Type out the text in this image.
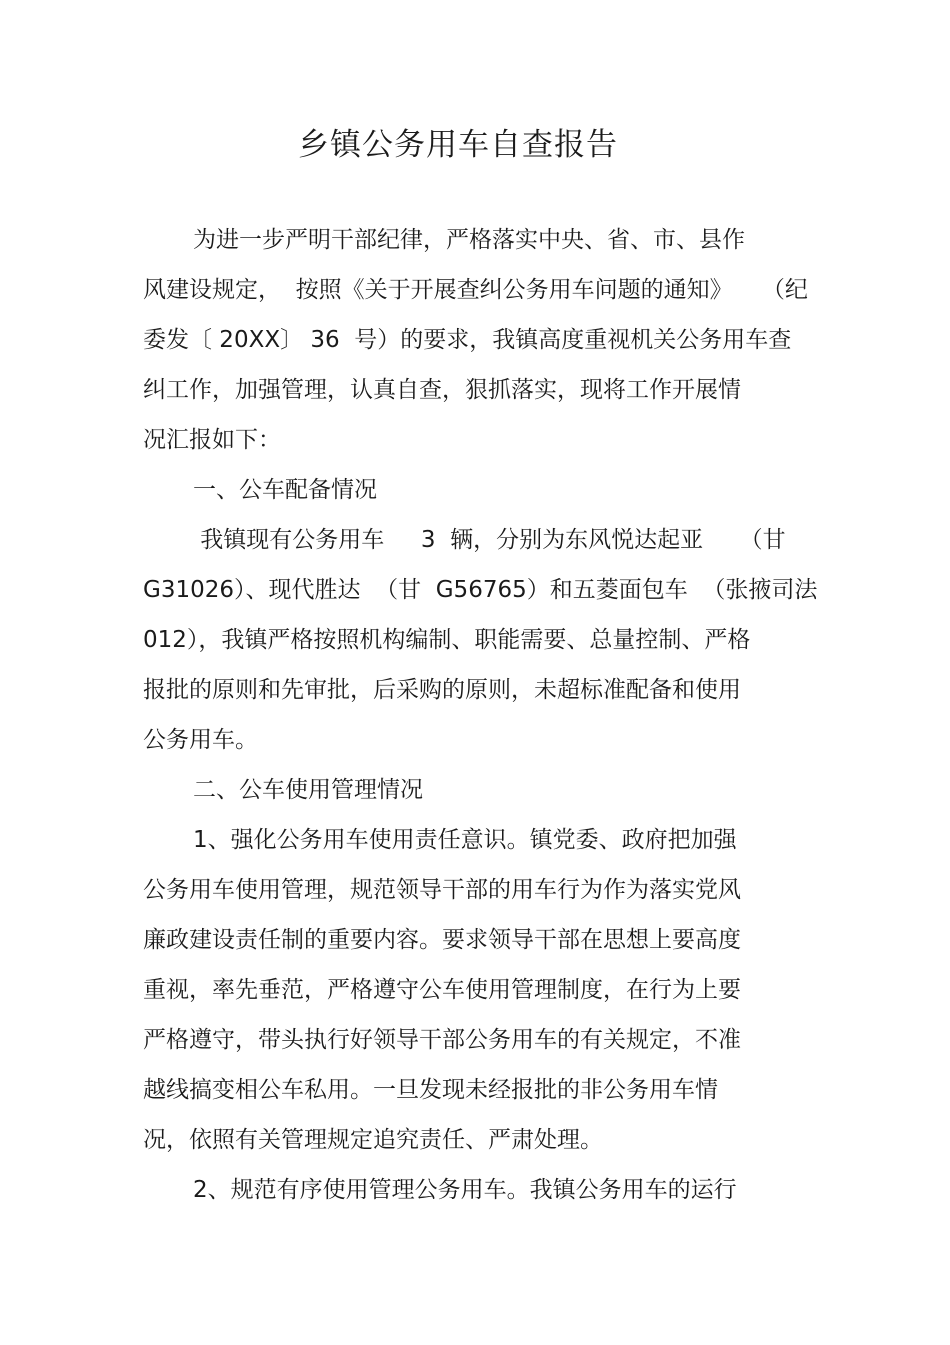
乡镇公务用车自查报告
为进一步严明干部纪律，严格落实中央、省、市、县作
风建设规定，  按照《关于开展查纠公务用车问题的通知》    （纪
委发〔 20XX〕 36  号）的要求，我镇高度重视机关公务用车查
纠工作，加强管理，认真自查，狠抓落实，现将工作开展情
况汇报如下：
一、公车配备情况
我镇现有公务用车     3  辆，分别为东风悦达起亚     （甘
G31026）、现代胜达  （甘  G56765）和五菱面包车  （张掖司法
012），我镇严格按照机构编制、职能需要、总量控制、严格
报批的原则和先审批，后采购的原则，未超标准配备和使用
公务用车。
二、公车使用管理情况
1、强化公务用车使用责任意识。镇党委、政府把加强
公务用车使用管理，规范领导干部的用车行为作为落实党风
廉政建设责任制的重要内容。要求领导干部在思想上要高度
重视，率先垂范，严格遵守公车使用管理制度，在行为上要
严格遵守，带头执行好领导干部公务用车的有关规定，不准
越线搞变相公车私用。一旦发现未经报批的非公务用车情
况，依照有关管理规定追究责任、严肃处理。
2、规范有序使用管理公务用车。我镇公务用车的运行
